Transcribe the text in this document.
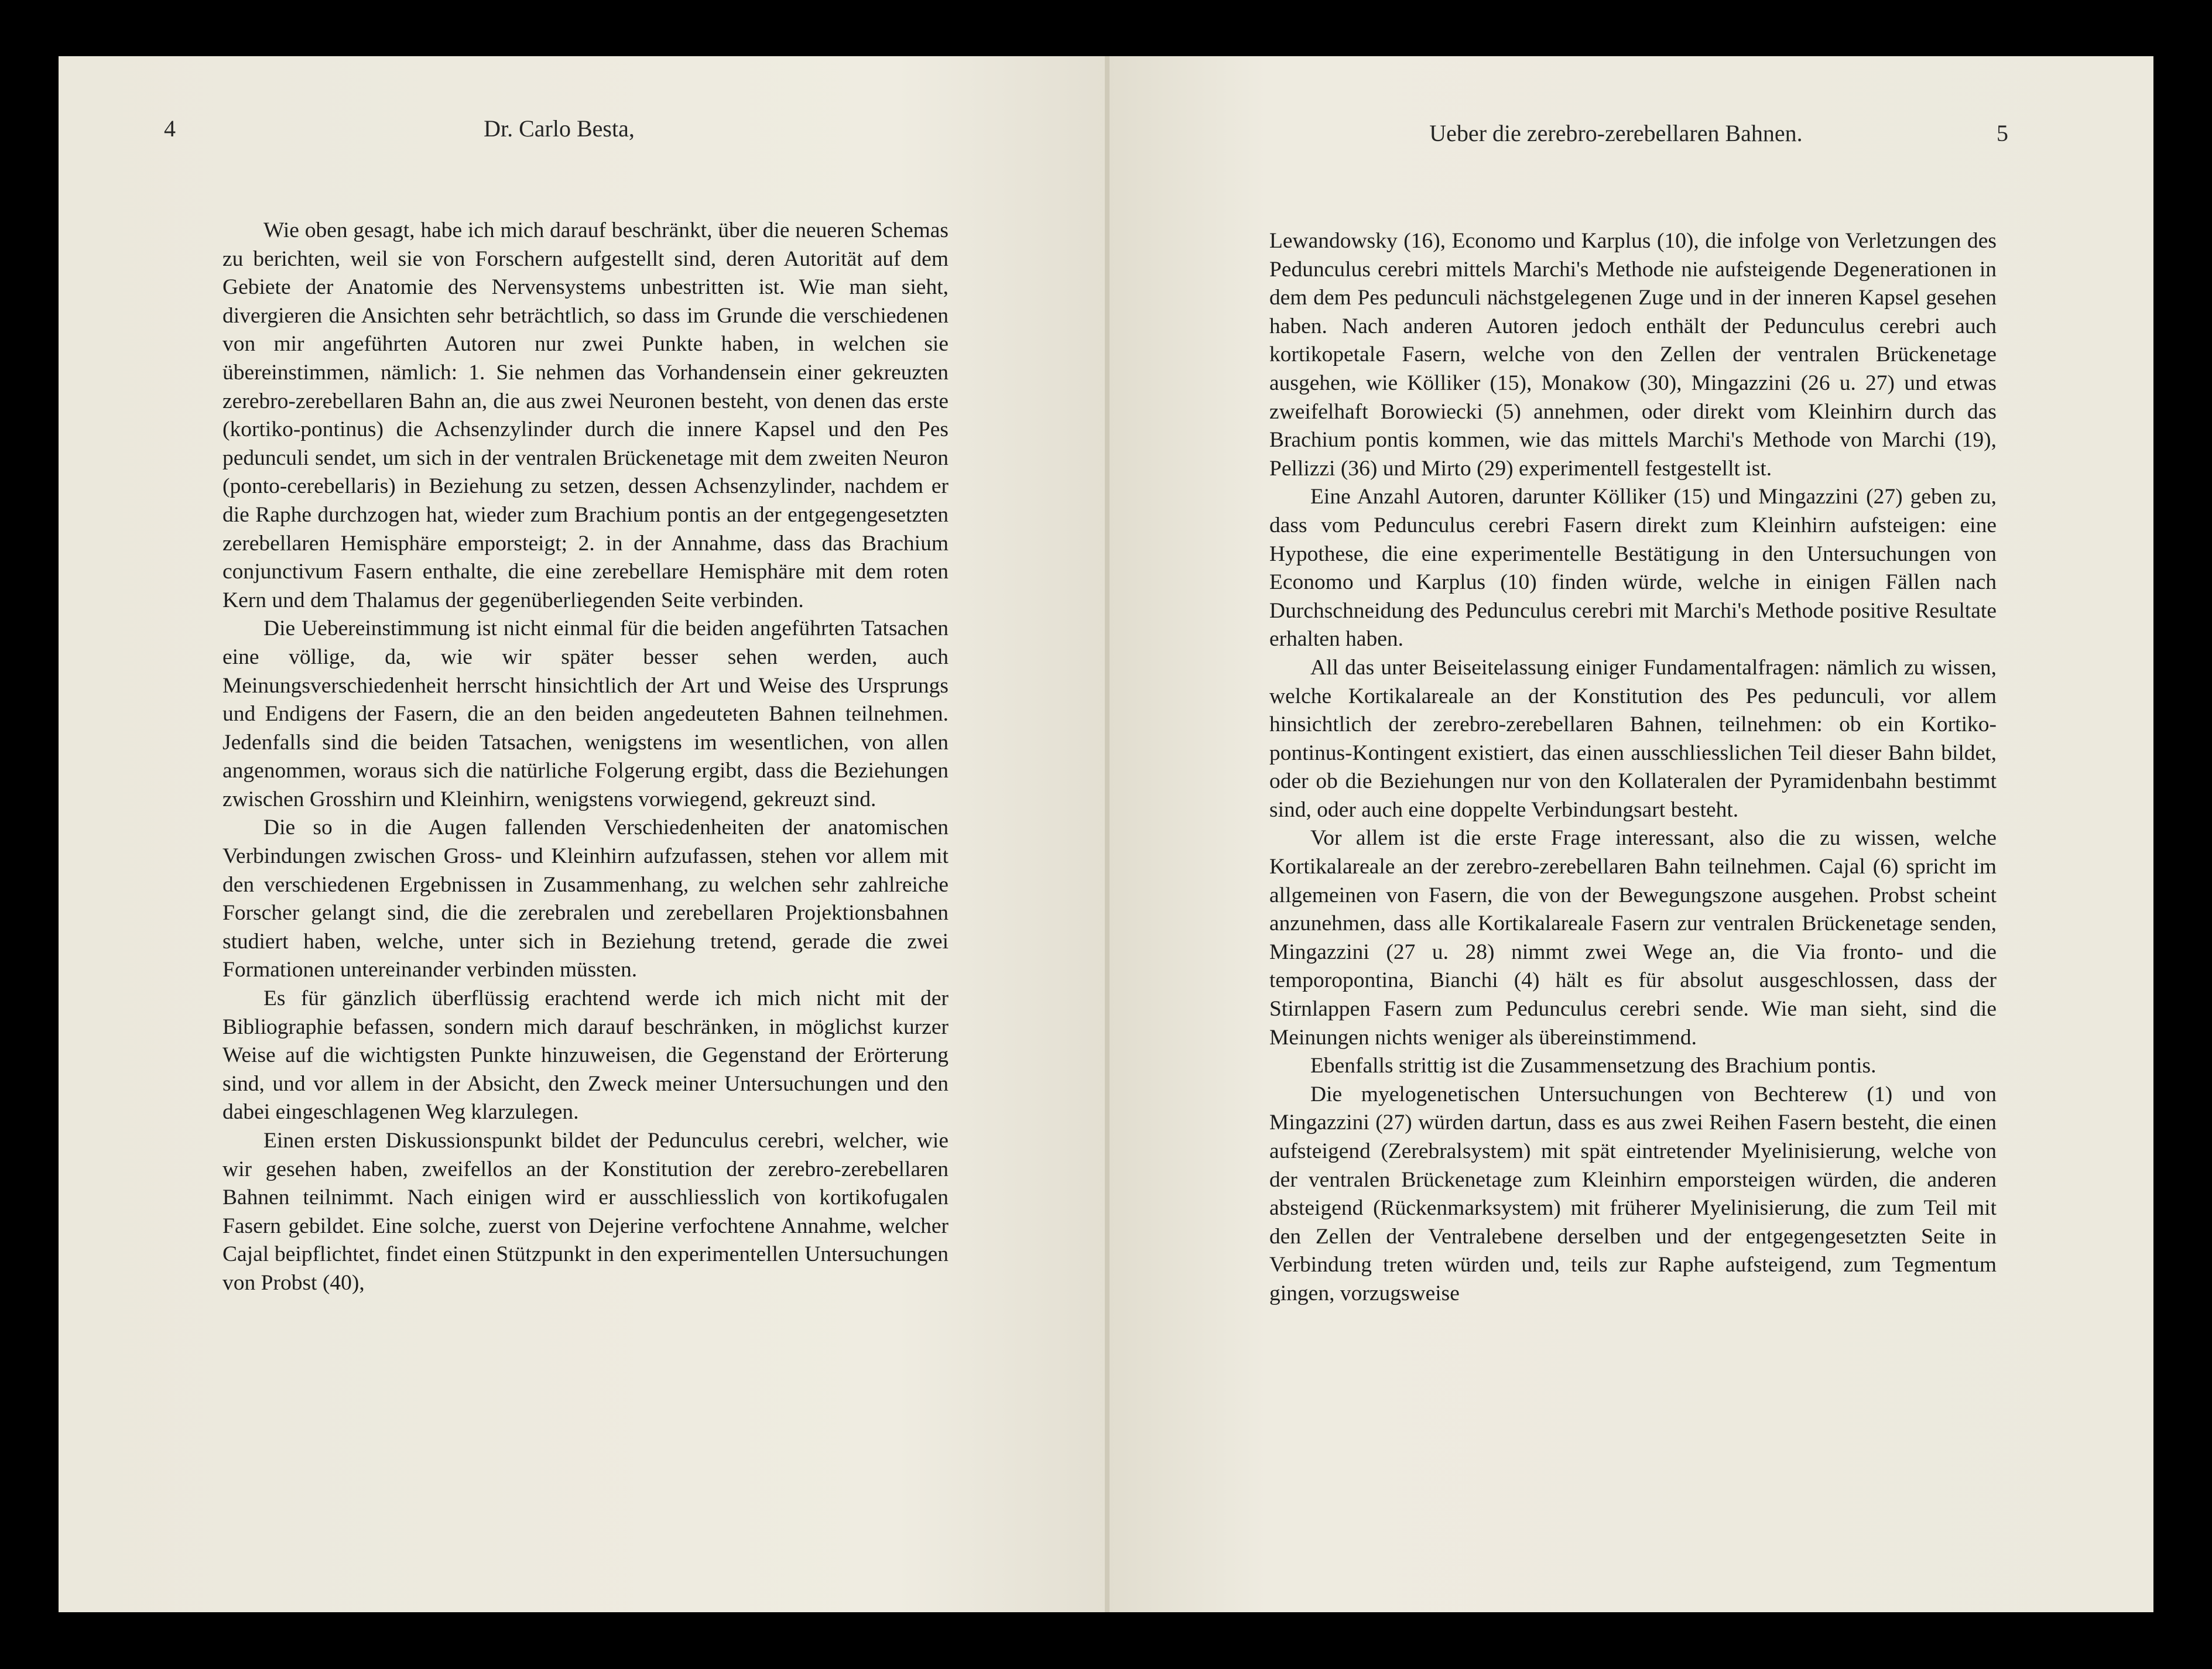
4	Dr. Carlo Besta,	Ueber die zerebro-zerebellaren Bahnen.	5

Wie oben gesagt, habe ich mich darauf beschränkt, über die neueren Schemas zu berichten, weil sie von Forschern aufgestellt sind, deren Autorität auf dem Gebiete der Anatomie des Nervensystems unbestritten ist. Wie man sieht, divergieren die Ansichten sehr beträchtlich, so dass im Grunde die verschiedenen von mir angeführten Autoren nur zwei Punkte haben, in welchen sie übereinstimmen, nämlich: 1. Sie nehmen das Vorhandensein einer gekreuzten zerebro-zerebellaren Bahn an, die aus zwei Neuronen besteht, von denen das erste (kortiko-pontinus) die Achsenzylinder durch die innere Kapsel und den Pes pedunculi sendet, um sich in der ventralen Brückenetage mit dem zweiten Neuron (ponto-cerebellaris) in Beziehung zu setzen, dessen Achsenzylinder, nachdem er die Raphe durchzogen hat, wieder zum Brachium pontis an der entgegengesetzten zerebellaren Hemisphäre emporsteigt; 2. in der Annahme, dass das Brachium conjunctivum Fasern enthalte, die eine zerebellare Hemisphäre mit dem roten Kern und dem Thalamus der gegenüberliegenden Seite verbinden.

Die Uebereinstimmung ist nicht einmal für die beiden angeführten Tatsachen eine völlige, da, wie wir später besser sehen werden, auch Meinungsverschiedenheit herrscht hinsichtlich der Art und Weise des Ursprungs und Endigens der Fasern, die an den beiden angedeuteten Bahnen teilnehmen. Jedenfalls sind die beiden Tatsachen, wenigstens im wesentlichen, von allen angenommen, woraus sich die natürliche Folgerung ergibt, dass die Beziehungen zwischen Grosshirn und Kleinhirn, wenigstens vorwiegend, gekreuzt sind.

Die so in die Augen fallenden Verschiedenheiten der anatomischen Verbindungen zwischen Gross- und Kleinhirn aufzufassen, stehen vor allem mit den verschiedenen Ergebnissen in Zusammenhang, zu welchen sehr zahlreiche Forscher gelangt sind, die die zerebralen und zerebellaren Projektionsbahnen studiert haben, welche, unter sich in Beziehung tretend, gerade die zwei Formationen untereinander verbinden müssten.

Es für gänzlich überflüssig erachtend werde ich mich nicht mit der Bibliographie befassen, sondern mich darauf beschränken, in möglichst kurzer Weise auf die wichtigsten Punkte hinzuweisen, die Gegenstand der Erörterung sind, und vor allem in der Absicht, den Zweck meiner Untersuchungen und den dabei eingeschlagenen Weg klarzulegen.

Einen ersten Diskussionspunkt bildet der Pedunculus cerebri, welcher, wie wir gesehen haben, zweifellos an der Konstitution der zerebro-zerebellaren Bahnen teilnimmt. Nach einigen wird er ausschliesslich von kortikofugalen Fasern gebildet. Eine solche, zuerst von Dejerine verfochtene Annahme, welcher Cajal beipflichtet, findet einen Stützpunkt in den experimentellen Untersuchungen von Probst (40),

Lewandowsky (16), Economo und Karplus (10), die infolge von Verletzungen des Pedunculus cerebri mittels Marchi's Methode nie aufsteigende Degenerationen in dem dem Pes pedunculi nächstgelegenen Zuge und in der inneren Kapsel gesehen haben. Nach anderen Autoren jedoch enthält der Pedunculus cerebri auch kortikopetale Fasern, welche von den Zellen der ventralen Brückenetage ausgehen, wie Kölliker (15), Monakow (30), Mingazzini (26 u. 27) und etwas zweifelhaft Borowiecki (5) annehmen, oder direkt vom Kleinhirn durch das Brachium pontis kommen, wie das mittels Marchi's Methode von Marchi (19), Pellizzi (36) und Mirto (29) experimentell festgestellt ist.

Eine Anzahl Autoren, darunter Kölliker (15) und Mingazzini (27) geben zu, dass vom Pedunculus cerebri Fasern direkt zum Kleinhirn aufsteigen: eine Hypothese, die eine experimentelle Bestätigung in den Untersuchungen von Economo und Karplus (10) finden würde, welche in einigen Fällen nach Durchschneidung des Pedunculus cerebri mit Marchi's Methode positive Resultate erhalten haben.

All das unter Beiseitelassung einiger Fundamentalfragen: nämlich zu wissen, welche Kortikalareale an der Konstitution des Pes pedunculi, vor allem hinsichtlich der zerebro-zerebellaren Bahnen, teilnehmen: ob ein Kortiko-pontinus-Kontingent existiert, das einen ausschliesslichen Teil dieser Bahn bildet, oder ob die Beziehungen nur von den Kollateralen der Pyramidenbahn bestimmt sind, oder auch eine doppelte Verbindungsart besteht.

Vor allem ist die erste Frage interessant, also die zu wissen, welche Kortikalareale an der zerebro-zerebellaren Bahn teilnehmen. Cajal (6) spricht im allgemeinen von Fasern, die von der Bewegungszone ausgehen. Probst scheint anzunehmen, dass alle Kortikalareale Fasern zur ventralen Brückenetage senden, Mingazzini (27 u. 28) nimmt zwei Wege an, die Via fronto- und die temporopontina, Bianchi (4) hält es für absolut ausgeschlossen, dass der Stirnlappen Fasern zum Pedunculus cerebri sende. Wie man sieht, sind die Meinungen nichts weniger als übereinstimmend.

Ebenfalls strittig ist die Zusammensetzung des Brachium pontis.

Die myelogenetischen Untersuchungen von Bechterew (1) und von Mingazzini (27) würden dartun, dass es aus zwei Reihen Fasern besteht, die einen aufsteigend (Zerebralsystem) mit spät eintretender Myelinisierung, welche von der ventralen Brückenetage zum Kleinhirn emporsteigen würden, die anderen absteigend (Rückenmarksystem) mit früherer Myelinisierung, die zum Teil mit den Zellen der Ventralebene derselben und der entgegengesetzten Seite in Verbindung treten würden und, teils zur Raphe aufsteigend, zum Tegmentum gingen, vorzugsweise
